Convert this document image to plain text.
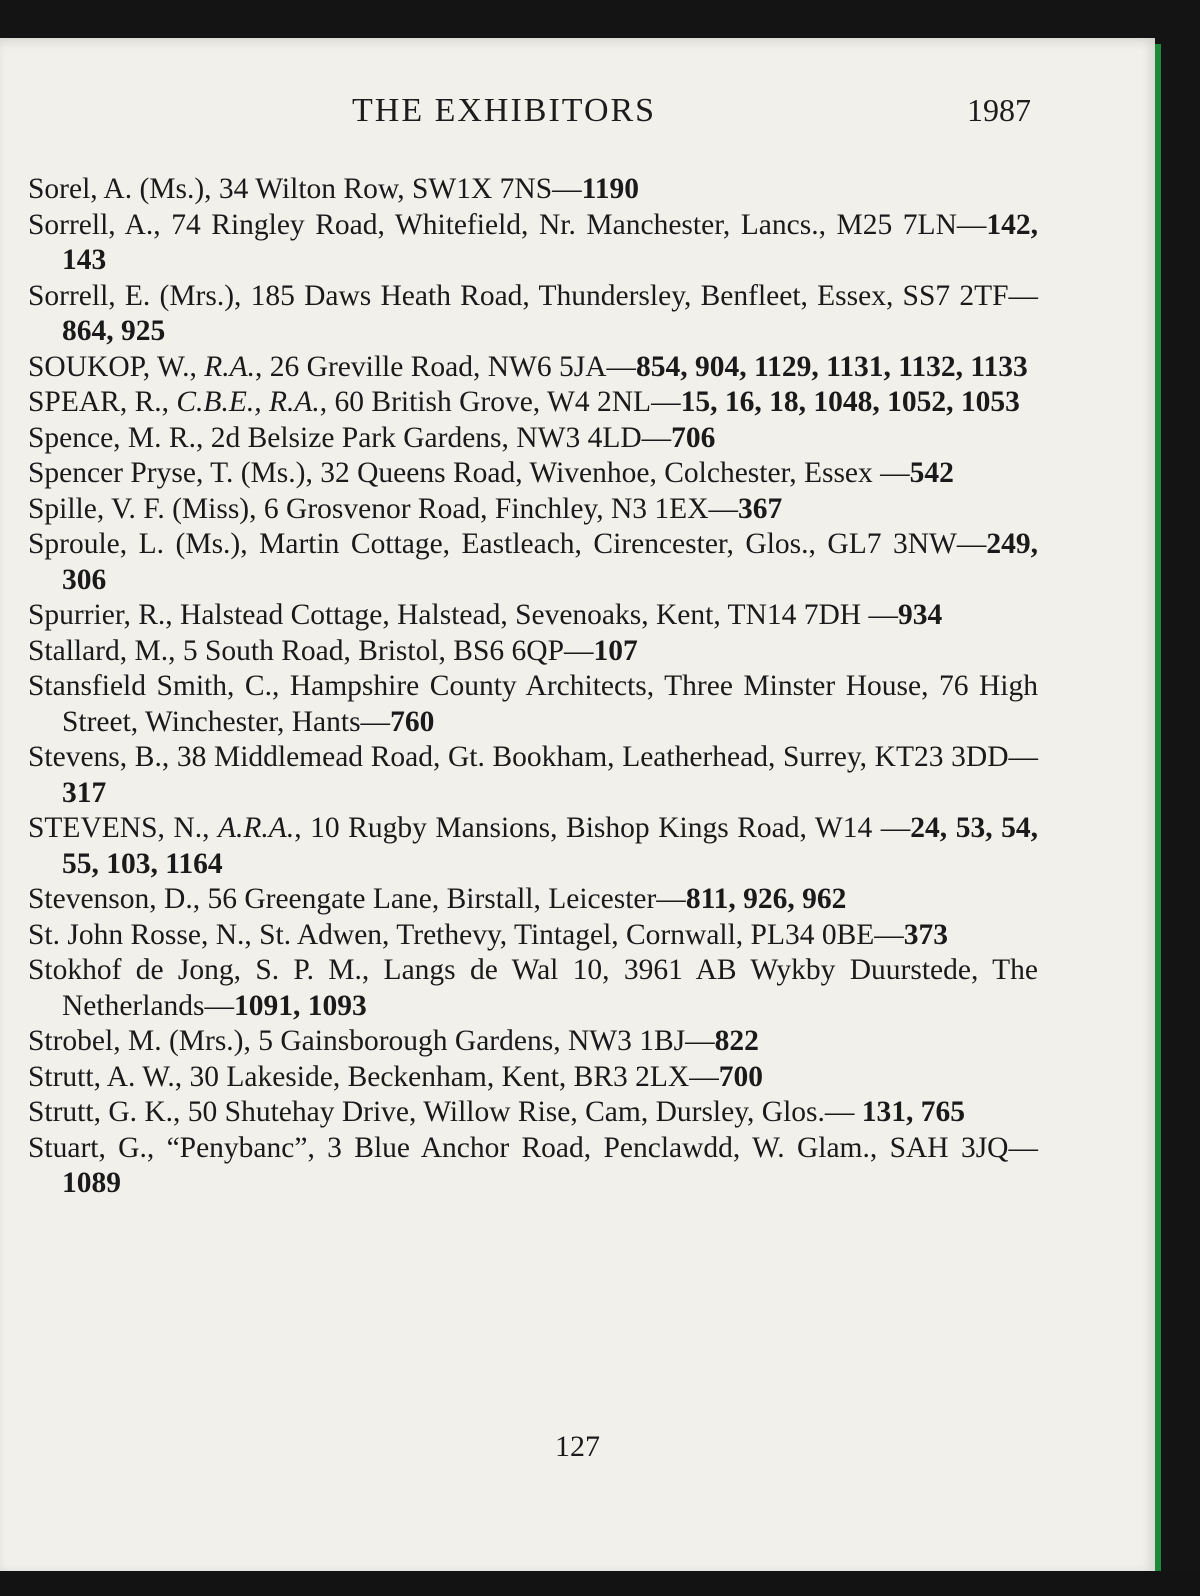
THE EXHIBITORS	1987

Sorel, A. (Ms.), 34 Wilton Row, SW1X 7NS—1190

Sorrell, A., 74 Ringley Road, Whitefield, Nr. Manchester, Lancs., M25 7LN—142, 143

Sorrell, E. (Mrs.), 185 Daws Heath Road, Thundersley, Benfleet, Essex, SS7 2TF—864, 925

SOUKOP, W., R.A., 26 Greville Road, NW6 5JA—854, 904, 1129, 1131, 1132, 1133

SPEAR, R., C.B.E., R.A., 60 British Grove, W4 2NL—15, 16, 18, 1048, 1052, 1053

Spence, M. R., 2d Belsize Park Gardens, NW3 4LD—706

Spencer Pryse, T. (Ms.), 32 Queens Road, Wivenhoe, Colchester, Essex —542

Spille, V. F. (Miss), 6 Grosvenor Road, Finchley, N3 1EX—367

Sproule, L. (Ms.), Martin Cottage, Eastleach, Cirencester, Glos., GL7 3NW—249, 306

Spurrier, R., Halstead Cottage, Halstead, Sevenoaks, Kent, TN14 7DH —934

Stallard, M., 5 South Road, Bristol, BS6 6QP—107

Stansfield Smith, C., Hampshire County Architects, Three Minster House, 76 High Street, Winchester, Hants—760

Stevens, B., 38 Middlemead Road, Gt. Bookham, Leatherhead, Surrey, KT23 3DD—317

STEVENS, N., A.R.A., 10 Rugby Mansions, Bishop Kings Road, W14 —24, 53, 54, 55, 103, 1164

Stevenson, D., 56 Greengate Lane, Birstall, Leicester—811, 926, 962

St. John Rosse, N., St. Adwen, Trethevy, Tintagel, Cornwall, PL34 0BE—373

Stokhof de Jong, S. P. M., Langs de Wal 10, 3961 AB Wykby Duurstede, The Netherlands—1091, 1093

Strobel, M. (Mrs.), 5 Gainsborough Gardens, NW3 1BJ—822

Strutt, A. W., 30 Lakeside, Beckenham, Kent, BR3 2LX—700

Strutt, G. K., 50 Shutehay Drive, Willow Rise, Cam, Dursley, Glos.— 131, 765

Stuart, G., “Penybanc”, 3 Blue Anchor Road, Penclawdd, W. Glam., SAH 3JQ—1089

127
